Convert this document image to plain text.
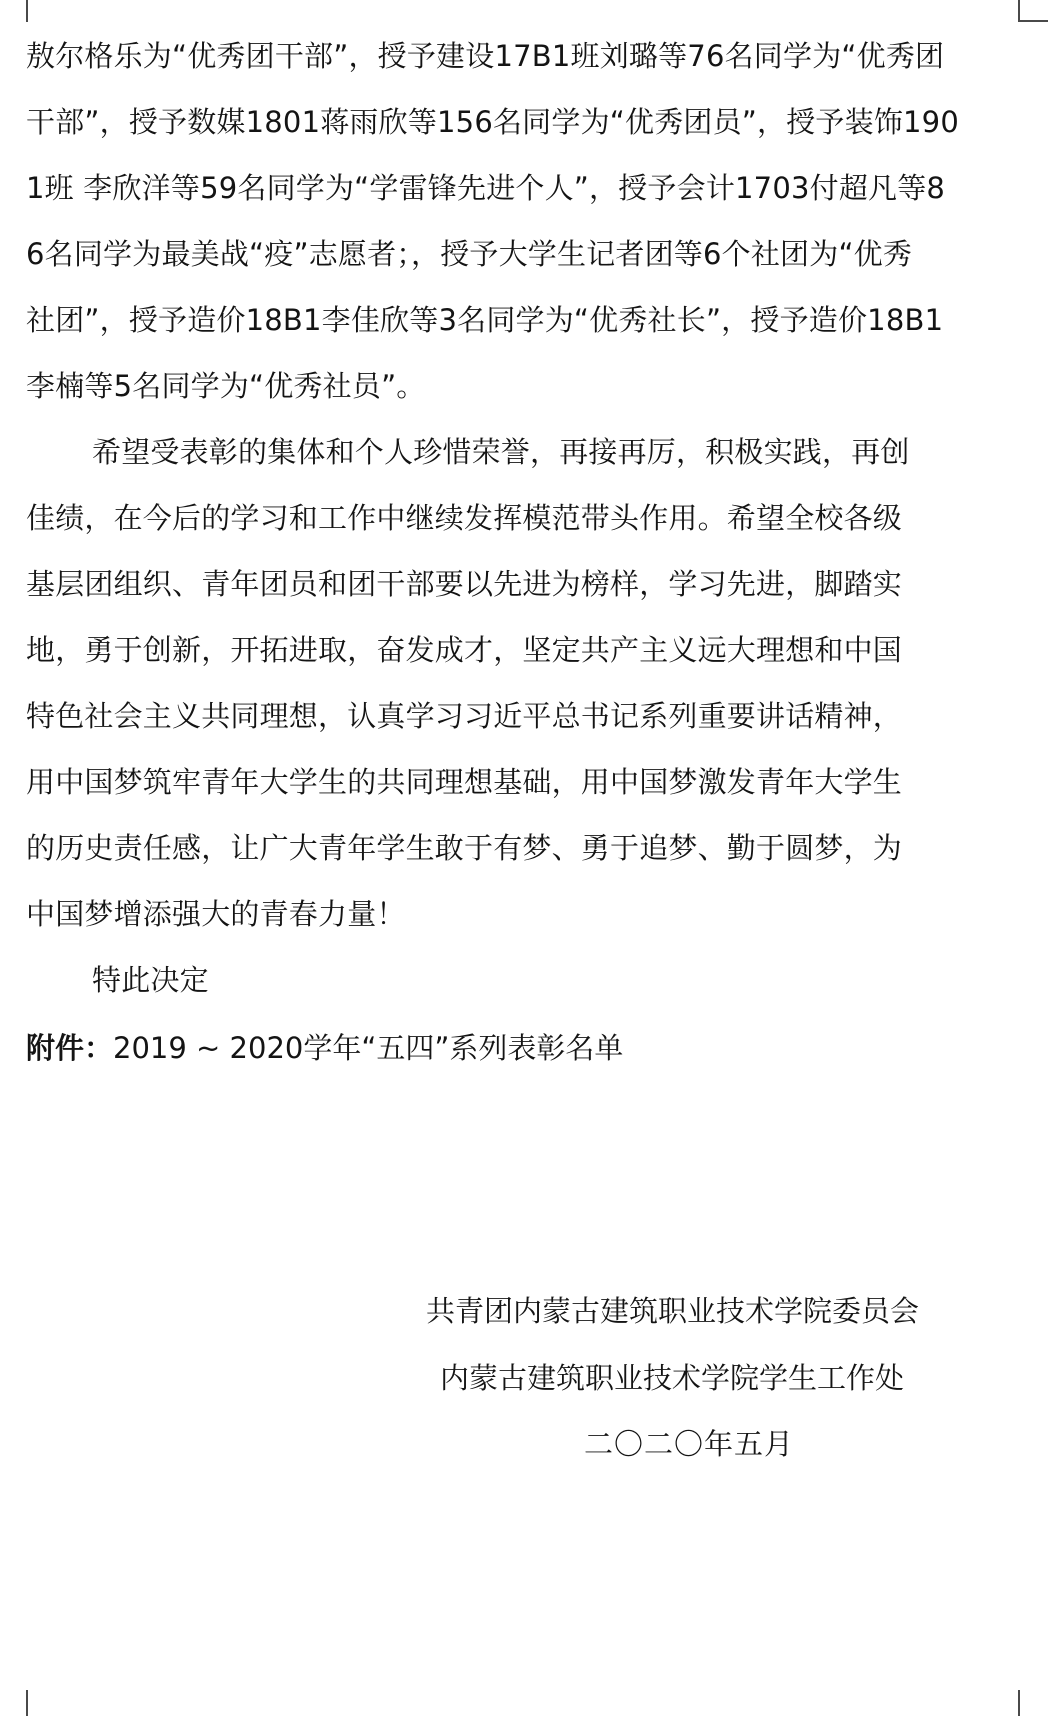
敖尔格乐为“优秀团干部”，授予建设17B1班刘璐等76名同学为“优秀团
干部”，授予数媒1801蒋雨欣等156名同学为“优秀团员”，授予装饰190
1班 李欣洋等59名同学为“学雷锋先进个人”，授予会计1703付超凡等8
6名同学为最美战“疫”志愿者；，授予大学生记者团等6个社团为“优秀
社团”，授予造价18B1李佳欣等3名同学为“优秀社长”，授予造价18B1
李楠等5名同学为“优秀社员”。
希望受表彰的集体和个人珍惜荣誉，再接再厉，积极实践，再创
佳绩，在今后的学习和工作中继续发挥模范带头作用。希望全校各级
基层团组织、青年团员和团干部要以先进为榜样，学习先进，脚踏实
地，勇于创新，开拓进取，奋发成才，坚定共产主义远大理想和中国
特色社会主义共同理想，认真学习习近平总书记系列重要讲话精神，
用中国梦筑牢青年大学生的共同理想基础，用中国梦激发青年大学生
的历史责任感，让广大青年学生敢于有梦、勇于追梦、勤于圆梦，为
中国梦增添强大的青春力量！
特此决定
附件：2019 ~ 2020学年“五四”系列表彰名单
共青团内蒙古建筑职业技术学院委员会
内蒙古建筑职业技术学院学生工作处
二〇二〇年五月
